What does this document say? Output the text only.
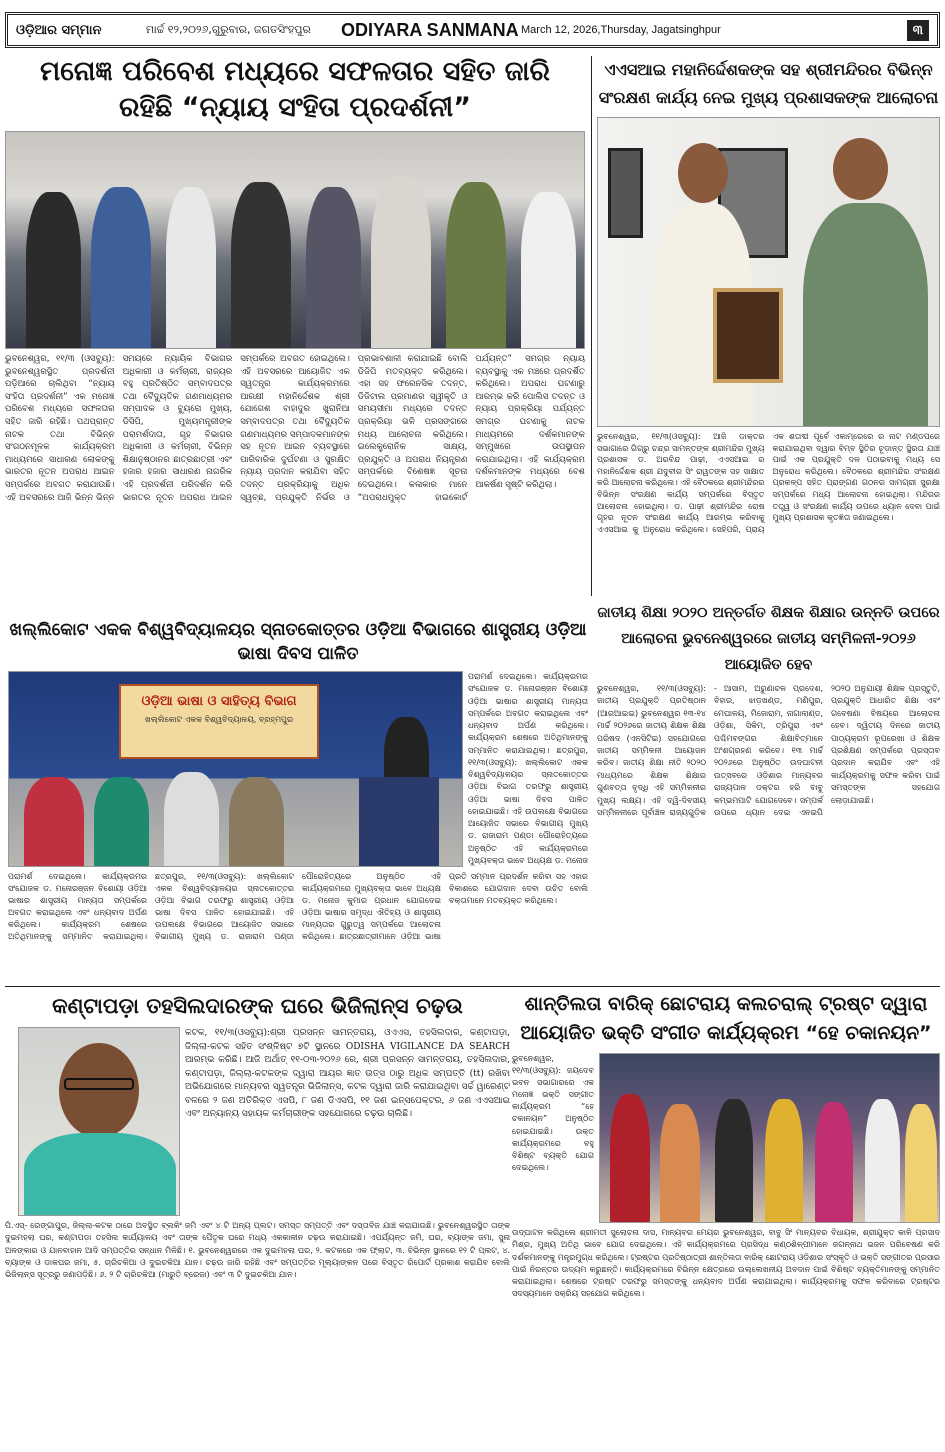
ଓଡ଼ିଆର ସମ୍ମାନ	ମାର୍ଚ୍ଚ ୧୨,୨୦୨୬,ଗୁରୁବାର, ଜଗତସିଂହପୁର	ODIYARA SANMANA March 12, 2026,Thursday, Jagatsinghpur	୩
ମନୋଜ୍ଞ ପରିବେଶ ମଧ୍ୟରେ ସଫଳତାର ସହିତ ଜାରି ରହିଛି “ନ୍ୟାୟ ସଂହିତା ପ୍ରଦର୍ଶନୀ”
ଭୁବନେଶ୍ୱର, ୧୧/୩ (ଓସବ୍ୟୁ): ଭୁବନେଶ୍ୱରସ୍ଥିତ ପ୍ରଦର୍ଶନୀ ପଡ଼ିଆରେ ଚାଲିଥିବା “ନ୍ୟାୟ ସଂହିତା ପ୍ରଦର୍ଶନୀ” ଏକ ମନୋଜ୍ଞ ପରିବେଶ ମଧ୍ୟରେ ସଫଳତାର ସହିତ ଜାରି ରହିଛି। ପଥପ୍ରାନ୍ତ ନାଟକ ତଥା ବିଭିନ୍ନ ସଂଗଠନମୂଳକ କାର୍ଯ୍ୟକ୍ରମ ମାଧ୍ୟମରେ ସାଧାରଣ ଲୋକଙ୍କୁ ଭାରତର ନୂତନ ଅପରାଧ ଆଇନ ସମ୍ପର୍କରେ ଅବଗତ କରାଯାଉଛି। ଏହି ଅବସରରେ ଆଜି ଭିନ୍ନ ଭିନ୍ନ ସମୟରେ ନ୍ୟାୟିକ ବିଭାଗର ଅଧିକାରୀ ଓ କର୍ମଚାରୀ, ରାଜ୍ୟର ବହୁ ପ୍ରତିଷ୍ଠିତ ସମ୍ବାଦପତ୍ର ତଥା ବୈଦ୍ୟୁତିକ ଗଣମାଧ୍ୟମର ସମ୍ପାଦକ ଓ ବ୍ୟୁରୋ ମୁଖ୍ୟ, ଡିସିପି, ମୁଖ୍ୟମନ୍ତ୍ରୀଙ୍କ ପରାମର୍ଶଦାତା, ଗୃହ ବିଭାଗର ଅଧିକାରୀ ଓ କର୍ମଚାରୀ, ବିଭିନ୍ନ ଶିକ୍ଷାନୁଷ୍ଠାନର ଛାତ୍ରଛାତ୍ରୀ ଏବଂ ହଜାର ହଜାର ସାଧାରଣ ନାଗରିକ ଏହି ପ୍ରଦର୍ଶନୀ ପରିଦର୍ଶନ କରି ଭାରତର ନୂତନ ଅପରାଧ ଆଇନ ସମ୍ପର୍କରେ ଅବଗତ ହୋଇଥିଲେ। ଏହି ଅବସରରେ ଆୟୋଜିତ ଏକ ସ୍ୱତନ୍ତ୍ର କାର୍ଯ୍ୟକ୍ରମରେ ଆରକ୍ଷୀ ମହାନିର୍ଦ୍ଦେଶକ ଶ୍ରୀ ଯୋଗେଶ ବାହାଦୁର ଖୁରାନିଆ ସମ୍ବାଦପତ୍ର ତଥା ବୈଦ୍ୟୁତିକ ଗଣମାଧ୍ୟମର ସମ୍ପାଦକମାନଙ୍କ ସହ ନୂତନ ଆଇନ ବ୍ୟବସ୍ଥାରେ ପାରିବାରିକ ଦୁର୍ଘଟଣା ଓ ସୁରକ୍ଷିତ ନ୍ୟାୟ ପ୍ରଦାନ କରାଯିବା ସହିତ ତଦନ୍ତ ପ୍ରକ୍ରିୟାକୁ ଅଧିକ ସ୍ୱଚ୍ଛ, ପ୍ରଯୁକ୍ତି ନିର୍ଭର ଓ ପ୍ରଭାବଶାଳୀ କରାଯାଇଛି ବୋଲି ଡିଜିପି ମତବ୍ୟକ୍ତ କରିଥିଲେ। ଏହା ସହ ଫରେନସିକ ତଦନ୍ତ, ଡିଜିଟାଲ ପ୍ରମାଣର ସ୍ୱୀକୃତି ଓ ସମୟସୀମା ମଧ୍ୟରେ ତଦନ୍ତ ପ୍ରକ୍ରିୟା ଭଳି ପ୍ରସଙ୍ଗରେ ମଧ୍ୟ ଆଲୋଚନା କରିଥିଲେ। ଇଲେକ୍ଟ୍ରୋନିକ ସାକ୍ଷ୍ୟ, ପ୍ରଯୁକ୍ତି ଓ ଅପରାଧ ନିୟନ୍ତ୍ରଣ ସମ୍ପର୍କରେ ବିଶେଷଜ୍ଞ ସୂଚନା ଦେଇଥିଲେ। କଳାକାର ମାନେ “ଅପରାଧମୁକ୍ତ ହାଇକୋର୍ଟ ପର୍ଯ୍ୟନ୍ତ” ସମଗ୍ର ନ୍ୟାୟ ବ୍ୟବସ୍ଥାକୁ ଏକ ମଞ୍ଚରେ ପ୍ରଦର୍ଶିତ କରିଥିଲେ। ଅପରାଧ ଘଟଣାରୁ ଆରମ୍ଭ କରି ପୋଲିସ ତଦନ୍ତ ଓ ନ୍ୟାୟ ପ୍ରକ୍ରିୟା ପର୍ଯ୍ୟନ୍ତ ସମଗ୍ର ଘଟଣାକୁ ନାଟକ ମାଧ୍ୟମରେ ଦର୍ଶକମାନଙ୍କ ସମ୍ମୁଖରେ ଉପସ୍ଥାପନ କରାଯାଇଥିଲା। ଏହି କାର୍ଯ୍ୟକ୍ରମ ଦର୍ଶକମାନଙ୍କ ମଧ୍ୟରେ ବେଶ ଆକର୍ଷଣ ସୃଷ୍ଟି କରିଥିଲା।
ଏଏସଆଇ ମହାନିର୍ଦ୍ଦେଶକଙ୍କ ସହ ଶ୍ରୀମନ୍ଦିରର ବିଭିନ୍ନ ସଂରକ୍ଷଣ କାର୍ଯ୍ୟ ନେଇ ମୁଖ୍ୟ ପ୍ରଶାସକଙ୍କ ଆଲୋଚନା
ଭୁବନେଶ୍ୱର, ୧୧/୩(ଓସବ୍ୟୁ): ଆଜି ଡାକ୍ତର ସଭାଗାରେ ଗିଗ୍ରୁ ଚନ୍ଦ୍ର ସାମନ୍ତଙ୍କ ଶ୍ରୀମନ୍ଦିର ମୁଖ୍ୟ ପ୍ରଶାସକ ଡ. ଅରବିନ୍ଦ ପାଢ଼ୀ, ଏଏସଆଇ ର ମହାନିର୍ଦ୍ଦେଶକ ଶ୍ରୀ ଯଦୁବୀର ସିଂ ରାୱତଙ୍କ ସହ ସାକ୍ଷାତ କରି ଆଲୋଚନା କରିଥିଲେ। ଏହି ବୈଠକରେ ଶ୍ରୀମନ୍ଦିରର ବିଭିନ୍ନ ସଂରକ୍ଷଣ କାର୍ଯ୍ୟ ସମ୍ପର୍କରେ ବିସ୍ତୃତ ଆଲୋଚନା ହୋଇଥିଲା। ଡ. ପାଢ଼ୀ ଶ୍ରୀମନ୍ଦିର ରୋଷ ଗୃହର ନୂତନ ସଂରକ୍ଷଣ କାର୍ଯ୍ୟ ଆରମ୍ଭ କରିବାକୁ ଏଏସଆଇ କୁ ଅନୁରୋଧ କରିଥିଲେ। ସେହିପରି, ପ୍ରାୟ ଏକ ଶତାବ୍ଦୀ ପୂର୍ବେ ଏକାମ୍ରେରେ ର ନାଟ ମଣ୍ଡପରେ କରାଯାଇଥିବା ଦ୍ୱାର ବିମ୍ବ ସ୍ଥିତିର ଚୂଡ଼ାନ୍ତ ସ୍ଥିରତା ଯାଞ୍ଚ ପାଇଁ ଏକ ପ୍ରଯୁକ୍ତି ଦଳ ପଠାଇବାକୁ ମଧ୍ୟ ସେ ଅନୁରୋଧ କରିଥିଲେ। ବୈଠକରେ ଶ୍ରୀମନ୍ଦିର ସଂରକ୍ଷଣ ପ୍ରକଳ୍ପ ସହିତ ପ୍ରାଙ୍ଗଣ ଗଠନର ସାମଗ୍ରୀ ସୁରକ୍ଷା ସମ୍ପର୍କରେ ମଧ୍ୟ ଆଲୋଚନା ହୋଇଥିଲା। ମନ୍ଦିରର ତତ୍ତ୍ୱ ଓ ସଂରକ୍ଷଣ କାର୍ଯ୍ୟ ଉପରେ ଧ୍ୟାନ ଦେବା ପାଇଁ ମୁଖ୍ୟ ପ୍ରଶାସକ କୃତଜ୍ଞତା ଜଣାଇଥିଲେ।
ଜାତୀୟ ଶିକ୍ଷା ୨୦୨୦ ଅନ୍ତର୍ଗତ ଶିକ୍ଷକ ଶିକ୍ଷାର ଉନ୍ନତି ଉପରେ ଆଲୋଚନା ଭୁବନେଶ୍ୱରରେ ଜାତୀୟ ସମ୍ମିଳନୀ-୨୦୨୬ ଆୟୋଜିତ ହେବ
ଭୁବନେଶ୍ୱର, ୧୧/୩(ଓସବ୍ୟୁ): ଜାତୀୟ ପ୍ରଯୁକ୍ତି ପ୍ରତିଷ୍ଠାନ (ଆରଆଇଇ) ଭୁବନେଶ୍ୱର ୧୩-୧୪ ମାର୍ଚ୍ଚ ୨୦୨୬ରେ ଜାତୀୟ ଶିକ୍ଷକ ଶିକ୍ଷା ପରିଷଦ (ଏନସିଟିଇ) ସହଯୋଗରେ ଜାତୀୟ ସମ୍ମିଳନୀ ଆୟୋଜନ କରିବ। ଜାତୀୟ ଶିକ୍ଷା ନୀତି ୨୦୨୦ ମାଧ୍ୟମରେ ଶିକ୍ଷକ ଶିକ୍ଷାର ଗୁଣବତ୍ତା ବୃଦ୍ଧି ଏହି ସମ୍ମିଳନୀର ମୁଖ୍ୟ ଲକ୍ଷ୍ୟ। ଏହି ଦ୍ୱି-ଦିବସୀୟ ସମ୍ମିଳନୀରେ ପୂର୍ବାଞ୍ଚଳ ରାଜ୍ୟଗୁଡ଼ିକ - ଆସାମ, ଅରୁଣାଚଳ ପ୍ରଦେଶ, ବିହାର, ଝାଡ଼ଖଣ୍ଡ, ମଣିପୁର, ମେଘାଳୟ, ମିଜୋରାମ, ନାଗାଲାଣ୍ଡ, ଓଡ଼ିଶା, ସିକିମ, ତ୍ରିପୁରା ଏବଂ ପଶ୍ଚିମବଙ୍ଗର ଶିକ୍ଷାବିତ୍ମାନେ ଅଂଶଗ୍ରହଣ କରିବେ। ୧୩ ମାର୍ଚ୍ଚ ୨୦୨୬ରେ ଅନୁଷ୍ଠିତ ଉଦଘାଟନୀ ଉତ୍ସବରେ ଓଡ଼ିଶାର ମାନ୍ୟବର ରାଜ୍ୟପାଳ ଡକ୍ଟର ହରି ବାବୁ କମ୍ଭମପାଟି ଯୋଗଦେବେ। ସମ୍ପର୍କ ଉପରେ ଧ୍ୟାନ ଦେଇ ଏନଇପି ୨୦୨୦ ଅନୁଯାୟୀ ଶିକ୍ଷକ ପ୍ରସ୍ତୁତି, ପ୍ରଯୁକ୍ତି ଆଧାରିତ ଶିକ୍ଷା ଏବଂ ଗବେଷଣା ବିଷୟରେ ଆଲୋଚନା ହେବ। ଦ୍ୱିତୀୟ ଦିନରେ ଜାତୀୟ ପାଠ୍ୟକ୍ରମ ରୂପରେଖା ଓ ଶିକ୍ଷକ ପ୍ରଶିକ୍ଷଣ ସମ୍ପର୍କରେ ପ୍ରସ୍ତାବ ପ୍ରଦାନ କରାଯିବ ଏବଂ ଏହି କାର୍ଯ୍ୟକ୍ରମକୁ ସଫଳ କରିବା ପାଇଁ ସମସ୍ତଙ୍କ ସହଯୋଗ ଲୋଡ଼ାଯାଇଛି।
ଖଲ୍ଲିକୋଟ ଏକକ ବିଶ୍ୱବିଦ୍ୟାଳୟର ସ୍ନାତକୋତ୍ତର ଓଡ଼ିଆ ବିଭାଗରେ ଶାସ୍ତ୍ରୀୟ ଓଡ଼ିଆ ଭାଷା ଦିବସ ପାଳିତ
ଓଡ଼ିଆ ଭାଷା ଓ ସାହିତ୍ୟ ବିଭାଗ
ଖଲ୍ଲିକୋଟ ଏକକ ବିଶ୍ୱବିଦ୍ୟାଳୟ, ବ୍ରହ୍ମପୁର
ପରାମର୍ଶ ଦେଇଥିଲେ। କାର୍ଯ୍ୟକ୍ରମର ସଂଯୋଜକ ଡ. ମନୋରଞ୍ଜନ ବିଶୋୟୀ ଓଡ଼ିଆ ଭାଷାର ଶାସ୍ତ୍ରୀୟ ମାନ୍ୟତା ସମ୍ପର୍କରେ ଅବଗତ କରାଇଥିଲେ ଏବଂ ଧନ୍ୟବାଦ ଅର୍ପଣ କରିଥିଲେ। କାର୍ଯ୍ୟକ୍ରମ ଶେଷରେ ଅତିଥିମାନଙ୍କୁ ସମ୍ମାନିତ କରାଯାଇଥିଲା। ଛତ୍ରପୁର, ୧୧/୩(ଓସବ୍ୟୁ): ଖଲ୍ଲିକୋଟ ଏକକ ବିଶ୍ୱବିଦ୍ୟାଳୟର ସ୍ନାତକୋତ୍ତର ଓଡ଼ିଆ ବିଭାଗ ତରଫରୁ ଶାସ୍ତ୍ରୀୟ ଓଡ଼ିଆ ଭାଷା ଦିବସ ପାଳିତ ହୋଇଯାଇଛି। ଏହି ଉପଲକ୍ଷେ ବିଭାଗରେ ଆୟୋଜିତ ସଭାରେ ବିଭାଗୀୟ ମୁଖ୍ୟ ଡ. ରାଜାରାମ ପଣ୍ଡା ପୌରୋହିତ୍ୟରେ ଅନୁଷ୍ଠିତ ଏହି କାର୍ଯ୍ୟକ୍ରମରେ ମୁଖ୍ୟବକ୍ତା ଭାବେ ଅଧ୍ୟକ୍ଷ ଡ. ମନୋଜ
ପରାମର୍ଶ ଦେଇଥିଲେ। କାର୍ଯ୍ୟକ୍ରମର ସଂଯୋଜକ ଡ. ମନୋରଞ୍ଜନ ବିଶୋୟୀ ଓଡ଼ିଆ ଭାଷାର ଶାସ୍ତ୍ରୀୟ ମାନ୍ୟତା ସମ୍ପର୍କରେ ଅବଗତ କରାଇଥିଲେ ଏବଂ ଧନ୍ୟବାଦ ଅର୍ପଣ କରିଥିଲେ। କାର୍ଯ୍ୟକ୍ରମ ଶେଷରେ ଅତିଥିମାନଙ୍କୁ ସମ୍ମାନିତ କରାଯାଇଥିଲା। ଛତ୍ରପୁର, ୧୧/୩(ଓସବ୍ୟୁ): ଖଲ୍ଲିକୋଟ ଏକକ ବିଶ୍ୱବିଦ୍ୟାଳୟର ସ୍ନାତକୋତ୍ତର ଓଡ଼ିଆ ବିଭାଗ ତରଫରୁ ଶାସ୍ତ୍ରୀୟ ଓଡ଼ିଆ ଭାଷା ଦିବସ ପାଳିତ ହୋଇଯାଇଛି। ଏହି ଉପଲକ୍ଷେ ବିଭାଗରେ ଆୟୋଜିତ ସଭାରେ ବିଭାଗୀୟ ମୁଖ୍ୟ ଡ. ରାଜାରାମ ପଣ୍ଡା ପୌରୋହିତ୍ୟରେ ଅନୁଷ୍ଠିତ ଏହି କାର୍ଯ୍ୟକ୍ରମରେ ମୁଖ୍ୟବକ୍ତା ଭାବେ ଅଧ୍ୟକ୍ଷ ଡ. ମନୋଜ କୁମାର ପ୍ରଧାନ ଯୋଗଦେଇ ଓଡ଼ିଆ ଭାଷାର ସମୃଦ୍ଧ ଐତିହ୍ୟ ଓ ଶାସ୍ତ୍ରୀୟ ମାନ୍ୟତାର ଗୁରୁତ୍ୱ ସମ୍ପର୍କରେ ଆଲୋଚନା କରିଥିଲେ। ଛାତ୍ରଛାତ୍ରୀମାନେ ଓଡ଼ିଆ ଭାଷା ପ୍ରତି ସମ୍ମାନ ପ୍ରଦର୍ଶନ କରିବା ସହ ଏହାର ବିକାଶରେ ଯୋଗଦାନ ଦେବା ଉଚିତ ବୋଲି ବକ୍ତାମାନେ ମତବ୍ୟକ୍ତ କରିଥିଲେ।
କଣ୍ଟାପଡ଼ା ତହସିଲଦାରଙ୍କ ଘରେ ଭିଜିଲାନ୍ସ ଚଢ଼ଉ
କଟକ, ୧୧/୩(ଓସବ୍ୟୁ):ଶ୍ରୀ ପ୍ରସନ୍ନ ସାମନ୍ତରାୟ, ଓଏଏସ, ତହସିଲଦାର, କଣ୍ଟାପଡ଼ା, ଜିଲ୍ଲା-କଟକ ସହିତ ସଂଶ୍ଳିଷ୍ଟ ୭ଟି ସ୍ଥାନରେ ODISHA VIGILANCE DA SEARCH ଆରମ୍ଭ କରିଛି। ଆଜି ଅର୍ଥାତ୍ ୧୧-୦୩-୨୦୨୬ ରେ, ଶ୍ରୀ ପ୍ରସନ୍ନ ସାମନ୍ତରାୟ, ତହସିଲଦାର, କଣ୍ଟାପଡ଼ା, ଜିଲ୍ଲା-କଟକଙ୍କ ଦ୍ୱାରା ଆୟର ଜ୍ଞାତ ଉତ୍ସ ଠାରୁ ଅଧିକ ସମ୍ପତ୍ତି (tt) ରଖିବା ଅଭିଯୋଗରେ ମାନ୍ୟବର ସ୍ୱତନ୍ତ୍ର ଭିଜିଲାନ୍ସ, କଟକ ଦ୍ୱାରା ଜାରି କରାଯାଇଥିବା ସର୍ଚ୍ଚ ୱାରେଣ୍ଟ ବଳରେ ୨ ଜଣ ଅତିରିକ୍ତ ଏସପି, ୮ ଜଣ ଡିଏସପି, ୧୧ ଜଣ ଇନ୍ସପେକ୍ଟର, ୬ ଜଣ ଏଏସଆଇ ଏବଂ ଅନ୍ୟାନ୍ୟ ସହାୟକ କର୍ମଚାରୀଙ୍କ ସହଯୋଗରେ ଚଢ଼ଉ ଚାଲିଛି।
ପି.ଏସ୍- ରେଙ୍ଗାପୁର, ଜିଲ୍ଲା-କଟକ ଠାରେ ଅବସ୍ଥିତ ବ୍ଲକିଂ ଜମି ଏବଂ ୪ ଟି ଅନ୍ୟ ପ୍ଲଟ। ସମସ୍ତ ସମ୍ପତ୍ତି ଏବଂ ଦସ୍ତାବିଜ ଯାଞ୍ଚ କରାଯାଉଛି। ଭୁବନେଶ୍ୱରସ୍ଥିତ ତାଙ୍କ ଦୁଇମହଲା ଘର, କଣ୍ଟାପଡ଼ା ତହସିଲ କାର୍ଯ୍ୟାଳୟ ଏବଂ ତାଙ୍କ ପୈତୃକ ଘରେ ମଧ୍ୟ ଏକକାଳୀନ ଚଢ଼ଉ କରାଯାଇଛି। ଏପର୍ଯ୍ୟନ୍ତ ଜମି, ଘର, ବ୍ୟାଙ୍କ ଜମା, ସୁନା ଅଳଙ୍କାର ଓ ଯାନବାହାନ ଆଦି ସମ୍ପତ୍ତିର ସନ୍ଧାନ ମିଳିଛି। ୧. ଭୁବନେଶ୍ୱରରେ ଏକ ଦୁଇମହଲା ଘର, ୨. କଟକରେ ଏକ ଫ୍ଲାଟ, ୩. ବିଭିନ୍ନ ସ୍ଥାନରେ ୧୨ ଟି ପ୍ଲଟ, ୪. ବ୍ୟାଙ୍କ ଓ ଡାକଘର ଜମା, ୫. ଚାରିଚକିଆ ଓ ଦୁଇଚକିଆ ଯାନ। ଚଢ଼ଉ ଜାରି ରହିଛି ଏବଂ ସମ୍ପତ୍ତିର ମୂଲ୍ୟାଙ୍କନ ପରେ ବିସ୍ତୃତ ରିପୋର୍ଟ ପ୍ରକାଶ କରାଯିବ ବୋଲି ଭିଜିଲାନ୍ସ ସୂତ୍ରରୁ ଜଣାପଡ଼ିଛି। ୬. ୨ ଟି ଚାରିଚକିଆ (ମାରୁତି ବ୍ରେଜା) ଏବଂ ୩ ଟି ଦୁଇଚକିଆ ଯାନ।
ଶାନ୍ତିଲତା ବାରିକ୍ ଛୋଟରାୟ କଲଚରାଲ୍ ଟ୍ରଷ୍ଟ ଦ୍ୱାରା ଆୟୋଜିତ ଭକ୍ତି ସଂଗୀତ କାର୍ଯ୍ୟକ୍ରମ “ହେ ଚକାନୟନ”
ଭୁବନେଶ୍ୱର, ୧୧/୩(ଓସବ୍ୟୁ): ଜୟଦେବ ଭବନ ସଭାଗାରରେ ଏକ ମନୋଜ୍ଞ ଭକ୍ତି ସଙ୍ଗୀତ କାର୍ଯ୍ୟକ୍ରମ “ହେ ଚକାନୟନ” ଅନୁଷ୍ଠିତ ହୋଇଯାଇଛି। ଉକ୍ତ କାର୍ଯ୍ୟକ୍ରମରେ ବହୁ ବିଶିଷ୍ଟ ବ୍ୟକ୍ତି ଯୋଗ ଦେଇଥିଲେ।
ଉଦ୍‌ଘାଟନ କରିଥିଲେ ଶ୍ରୀମତୀ ସୁଲୋଚନା ଦାସ, ମାନ୍ୟବର ମେୟର ଭୁବନେଶ୍ୱର, ବାବୁ ସିଂ ମାନ୍ୟବର ବିଧାୟକ, ଶ୍ରୀଯୁକ୍ତ କାଳି ପ୍ରସାଦ ମିଶ୍ର, ମୁଖ୍ୟ ଅତିଥି ଭାବେ ଯୋଗ ଦେଇଥିଲେ। ଏହି କାର୍ଯ୍ୟକ୍ରମରେ ପ୍ରସିଦ୍ଧ କଣ୍ଠଶିଳ୍ପୀମାନେ ଜଗନ୍ନାଥ ଭଜନ ପରିବେଷଣ କରି ଦର୍ଶକମାନଙ୍କୁ ମନ୍ତ୍ରମୁଗ୍ଧ କରିଥିଲେ। ଟ୍ରଷ୍ଟର ପ୍ରତିଷ୍ଠାତ୍ରୀ ଶାନ୍ତିଲତା ବାରିକ୍ ଛୋଟରାୟ ଓଡ଼ିଶାର ସଂସ୍କୃତି ଓ ଭକ୍ତି ସଙ୍ଗୀତର ପ୍ରସାର ପାଇଁ ନିରନ୍ତର ଉଦ୍ୟମ କରୁଛନ୍ତି। କାର୍ଯ୍ୟକ୍ରମରେ ବିଭିନ୍ନ କ୍ଷେତ୍ରରେ ଉଲ୍ଲେଖନୀୟ ଅବଦାନ ପାଇଁ ବିଶିଷ୍ଟ ବ୍ୟକ୍ତିମାନଙ୍କୁ ସମ୍ମାନିତ କରାଯାଇଥିଲା। ଶେଷରେ ଟ୍ରଷ୍ଟ ତରଫରୁ ସମସ୍ତଙ୍କୁ ଧନ୍ୟବାଦ ଅର୍ପଣ କରାଯାଇଥିଲା। କାର୍ଯ୍ୟକ୍ରମକୁ ସଫଳ କରିବାରେ ଟ୍ରଷ୍ଟର ସଦସ୍ୟମାନେ ସକ୍ରିୟ ସହଯୋଗ କରିଥିଲେ।
